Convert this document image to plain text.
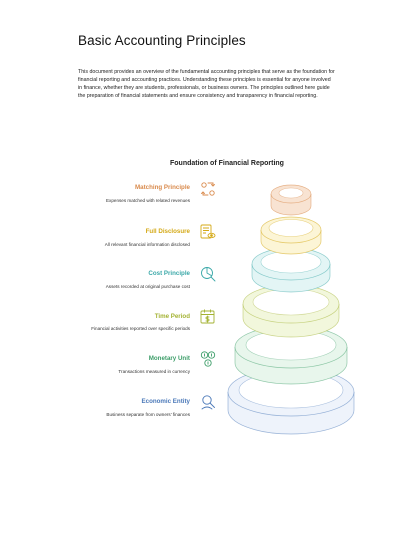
Basic Accounting Principles

This document provides an overview of the fundamental accounting principles that serve as the foundation for financial reporting and accounting practices. Understanding these principles is essential for anyone involved in finance, whether they are students, professionals, or business owners. The principles outlined here guide the preparation of financial statements and ensure consistency and transparency in financial reporting.

Foundation of Financial Reporting
Matching Principle
Expenses matched with related revenues
Full Disclosure
All relevant financial information disclosed
Cost Principle
Assets recorded at original purchase cost
Time Period
Financial activities reported over specific periods
Monetary Unit
Transactions measured in currency
Economic Entity
Business separate from owners' finances
